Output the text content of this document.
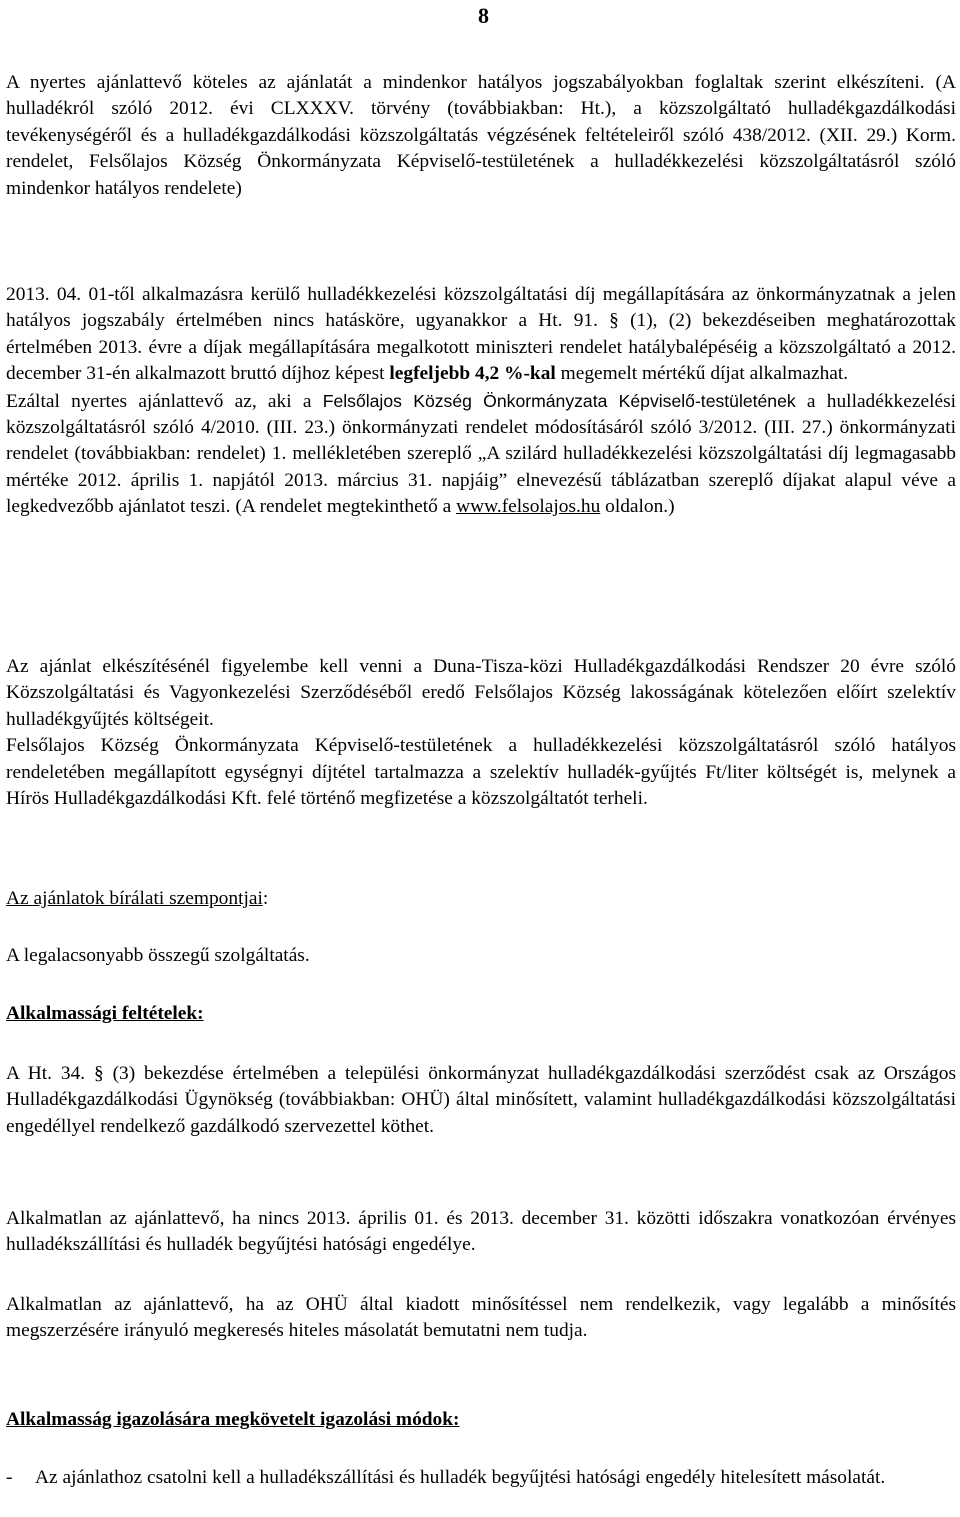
8

A nyertes ajánlattevő köteles az ajánlatát a mindenkor hatályos jogszabályokban foglaltak szerint elkészíteni. (A hulladékról szóló 2012. évi CLXXXV. törvény (továbbiakban: Ht.), a közszolgáltató hulladékgazdálkodási tevékenységéről és a hulladékgazdálkodási közszolgáltatás végzésének feltételeiről szóló 438/2012. (XII. 29.) Korm. rendelet, Felsőlajos Község Önkormányzata Képviselő-testületének a hulladékkezelési közszolgáltatásról szóló mindenkor hatályos rendelete)

2013. 04. 01-től alkalmazásra kerülő hulladékkezelési közszolgáltatási díj megállapítására az önkormányzatnak a jelen hatályos jogszabály értelmében nincs hatásköre, ugyanakkor a Ht. 91. § (1), (2) bekezdéseiben meghatározottak értelmében 2013. évre a díjak megállapítására megalkotott miniszteri rendelet hatálybalépéséig a közszolgáltató a 2012. december 31-én alkalmazott bruttó díjhoz képest legfeljebb 4,2 %-kal megemelt mértékű díjat alkalmazhat.
Ezáltal nyertes ajánlattevő az, aki a Felsőlajos Község Önkormányzata Képviselő-testületének a hulladékkezelési közszolgáltatásról szóló 4/2010. (III. 23.) önkormányzati rendelet módosításáról szóló 3/2012. (III. 27.) önkormányzati rendelet (továbbiakban: rendelet) 1. mellékletében szereplő „A szilárd hulladékkezelési közszolgáltatási díj legmagasabb mértéke 2012. április 1. napjától 2013. március 31. napjáig” elnevezésű táblázatban szereplő díjakat alapul véve a legkedvezőbb ajánlatot teszi. (A rendelet megtekinthető a www.felsolajos.hu oldalon.)

Az ajánlat elkészítésénél figyelembe kell venni a Duna-Tisza-közi Hulladékgazdálkodási Rendszer 20 évre szóló Közszolgáltatási és Vagyonkezelési Szerződéséből eredő Felsőlajos Község lakosságának kötelezően előírt szelektív hulladékgyűjtés költségeit.
Felsőlajos Község Önkormányzata Képviselő-testületének a hulladékkezelési közszolgáltatásról szóló hatályos rendeletében megállapított egységnyi díjtétel tartalmazza a szelektív hulladék-gyűjtés Ft/liter költségét is, melynek a Hírös Hulladékgazdálkodási Kft. felé történő megfizetése a közszolgáltatót terheli.

Az ajánlatok bírálati szempontjai:

A legalacsonyabb összegű szolgáltatás.

Alkalmassági feltételek:

A Ht. 34. § (3) bekezdése értelmében a települési önkormányzat hulladékgazdálkodási szerződést csak az Országos Hulladékgazdálkodási Ügynökség (továbbiakban: OHÜ) által minősített, valamint hulladékgazdálkodási közszolgáltatási engedéllyel rendelkező gazdálkodó szervezettel köthet.

Alkalmatlan az ajánlattevő, ha nincs 2013. április 01. és 2013. december 31. közötti időszakra vonatkozóan érvényes hulladékszállítási és hulladék begyűjtési hatósági engedélye.

Alkalmatlan az ajánlattevő, ha az OHÜ által kiadott minősítéssel nem rendelkezik, vagy legalább a minősítés megszerzésére irányuló megkeresés hiteles másolatát bemutatni nem tudja.

Alkalmasság igazolására megkövetelt igazolási módok:

- Az ajánlathoz csatolni kell a hulladékszállítási és hulladék begyűjtési hatósági engedély hitelesített másolatát.
